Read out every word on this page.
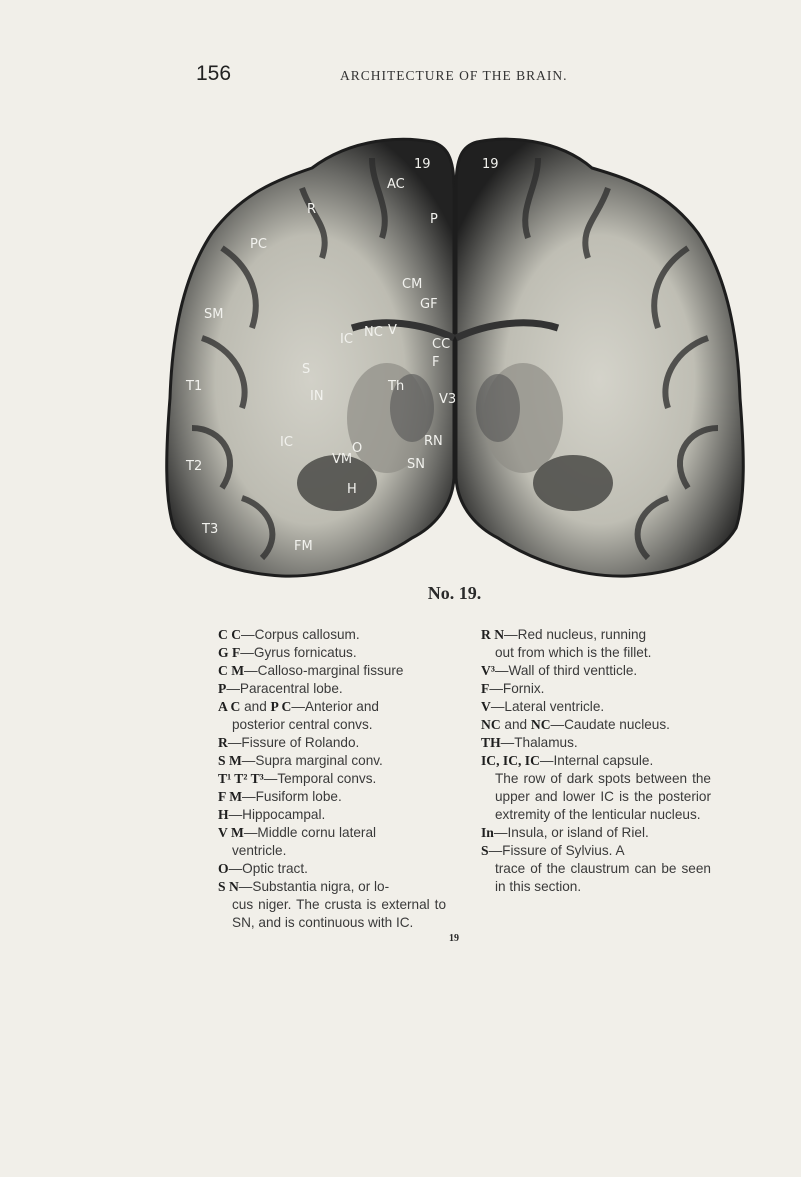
156	ARCHITECTURE OF THE BRAIN.
AC
R
PC
P
CM
GF
SM
CC
NC V
F
S
Th
V3
IN
IC
T1
IC	RN
T2	SN
VM
O
H
T3
FM
19	19
No. 19.
C C—Corpus callosum.
G F—Gyrus fornicatus.
C M—Calloso-marginal fissure
P—Paracentral lobe.
A C and P C—Anterior and
posterior central convs.
R—Fissure of Rolando.
S M—Supra marginal conv.
T¹ T² T³—Temporal convs.
F M—Fusiform lobe.
H—Hippocampal.
V M—Middle cornu lateral
ventricle.
O—Optic tract.
S N—Substantia nigra, or lo-
cus niger. The crusta is external to SN, and is continuous with IC.
R N—Red nucleus, running
out from which is the fillet.
V³—Wall of third ventticle.
F—Fornix.
V—Lateral ventricle.
NC and NC—Caudate nucleus.
TH—Thalamus.
IC, IC, IC—Internal capsule.
The row of dark spots between the upper and lower IC is the posterior extremity of the lenticular nucleus.
In—Insula, or island of Riel.
S—Fissure of Sylvius. A
trace of the claustrum can be seen in this section.
19
